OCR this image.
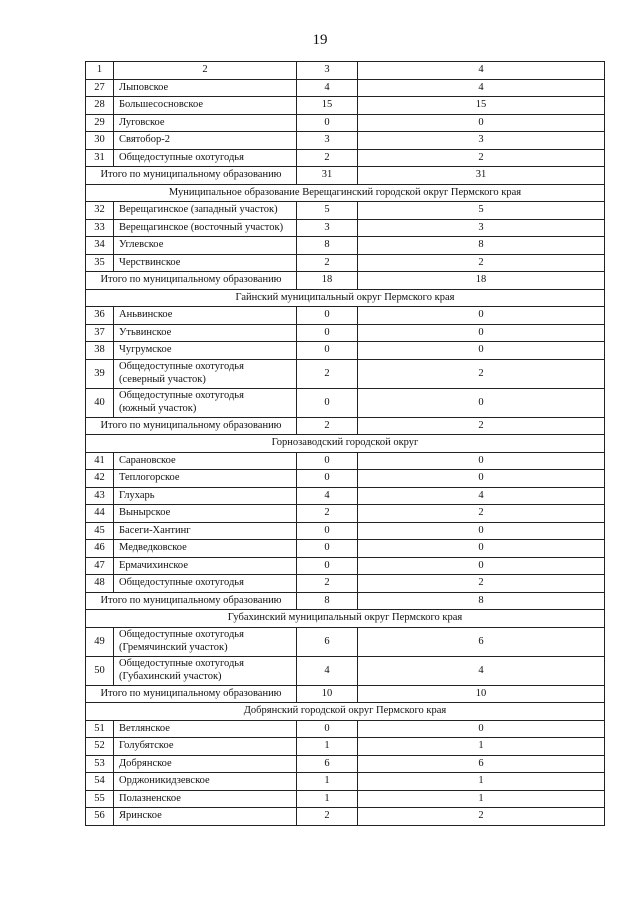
19
1	2	3	4
27	Лыповское	4	4
28	Большесосновское	15	15
29	Луговское	0	0
30	Святобор-2	3	3
31	Общедоступные охотугодья	2	2
Итого по муниципальному образованию		31	31
Муниципальное образование Верещагинский городской округ Пермского края			
32	Верещагинское (западный участок)	5	5
33	Верещагинское (восточный участок)	3	3
34	Углевское	8	8
35	Черствинское	2	2
Итого по муниципальному образованию		18	18
Гайнский муниципальный округ Пермского края			
36	Аньвинское	0	0
37	Утьвинское	0	0
38	Чугрумское	0	0
39	Общедоступные охотугодья
(северный участок)	2	2
40	Общедоступные охотугодья
(южный участок)	0	0
Итого по муниципальному образованию		2	2
Горнозаводский городской округ			
41	Сарановское	0	0
42	Теплогорское	0	0
43	Глухарь	4	4
44	Вынырское	2	2
45	Басеги-Хантинг	0	0
46	Медведковское	0	0
47	Ермачихинское	0	0
48	Общедоступные охотугодья	2	2
Итого по муниципальному образованию		8	8
Губахинский муниципальный округ Пермского края			
49	Общедоступные охотугодья
(Гремячинский участок)	6	6
50	Общедоступные охотугодья
(Губахинский участок)	4	4
Итого по муниципальному образованию		10	10
Добрянский городской округ Пермского края			
51	Ветлянское	0	0
52	Голубятское	1	1
53	Добрянское	6	6
54	Орджоникидзевское	1	1
55	Полазненское	1	1
56	Яринское	2	2
